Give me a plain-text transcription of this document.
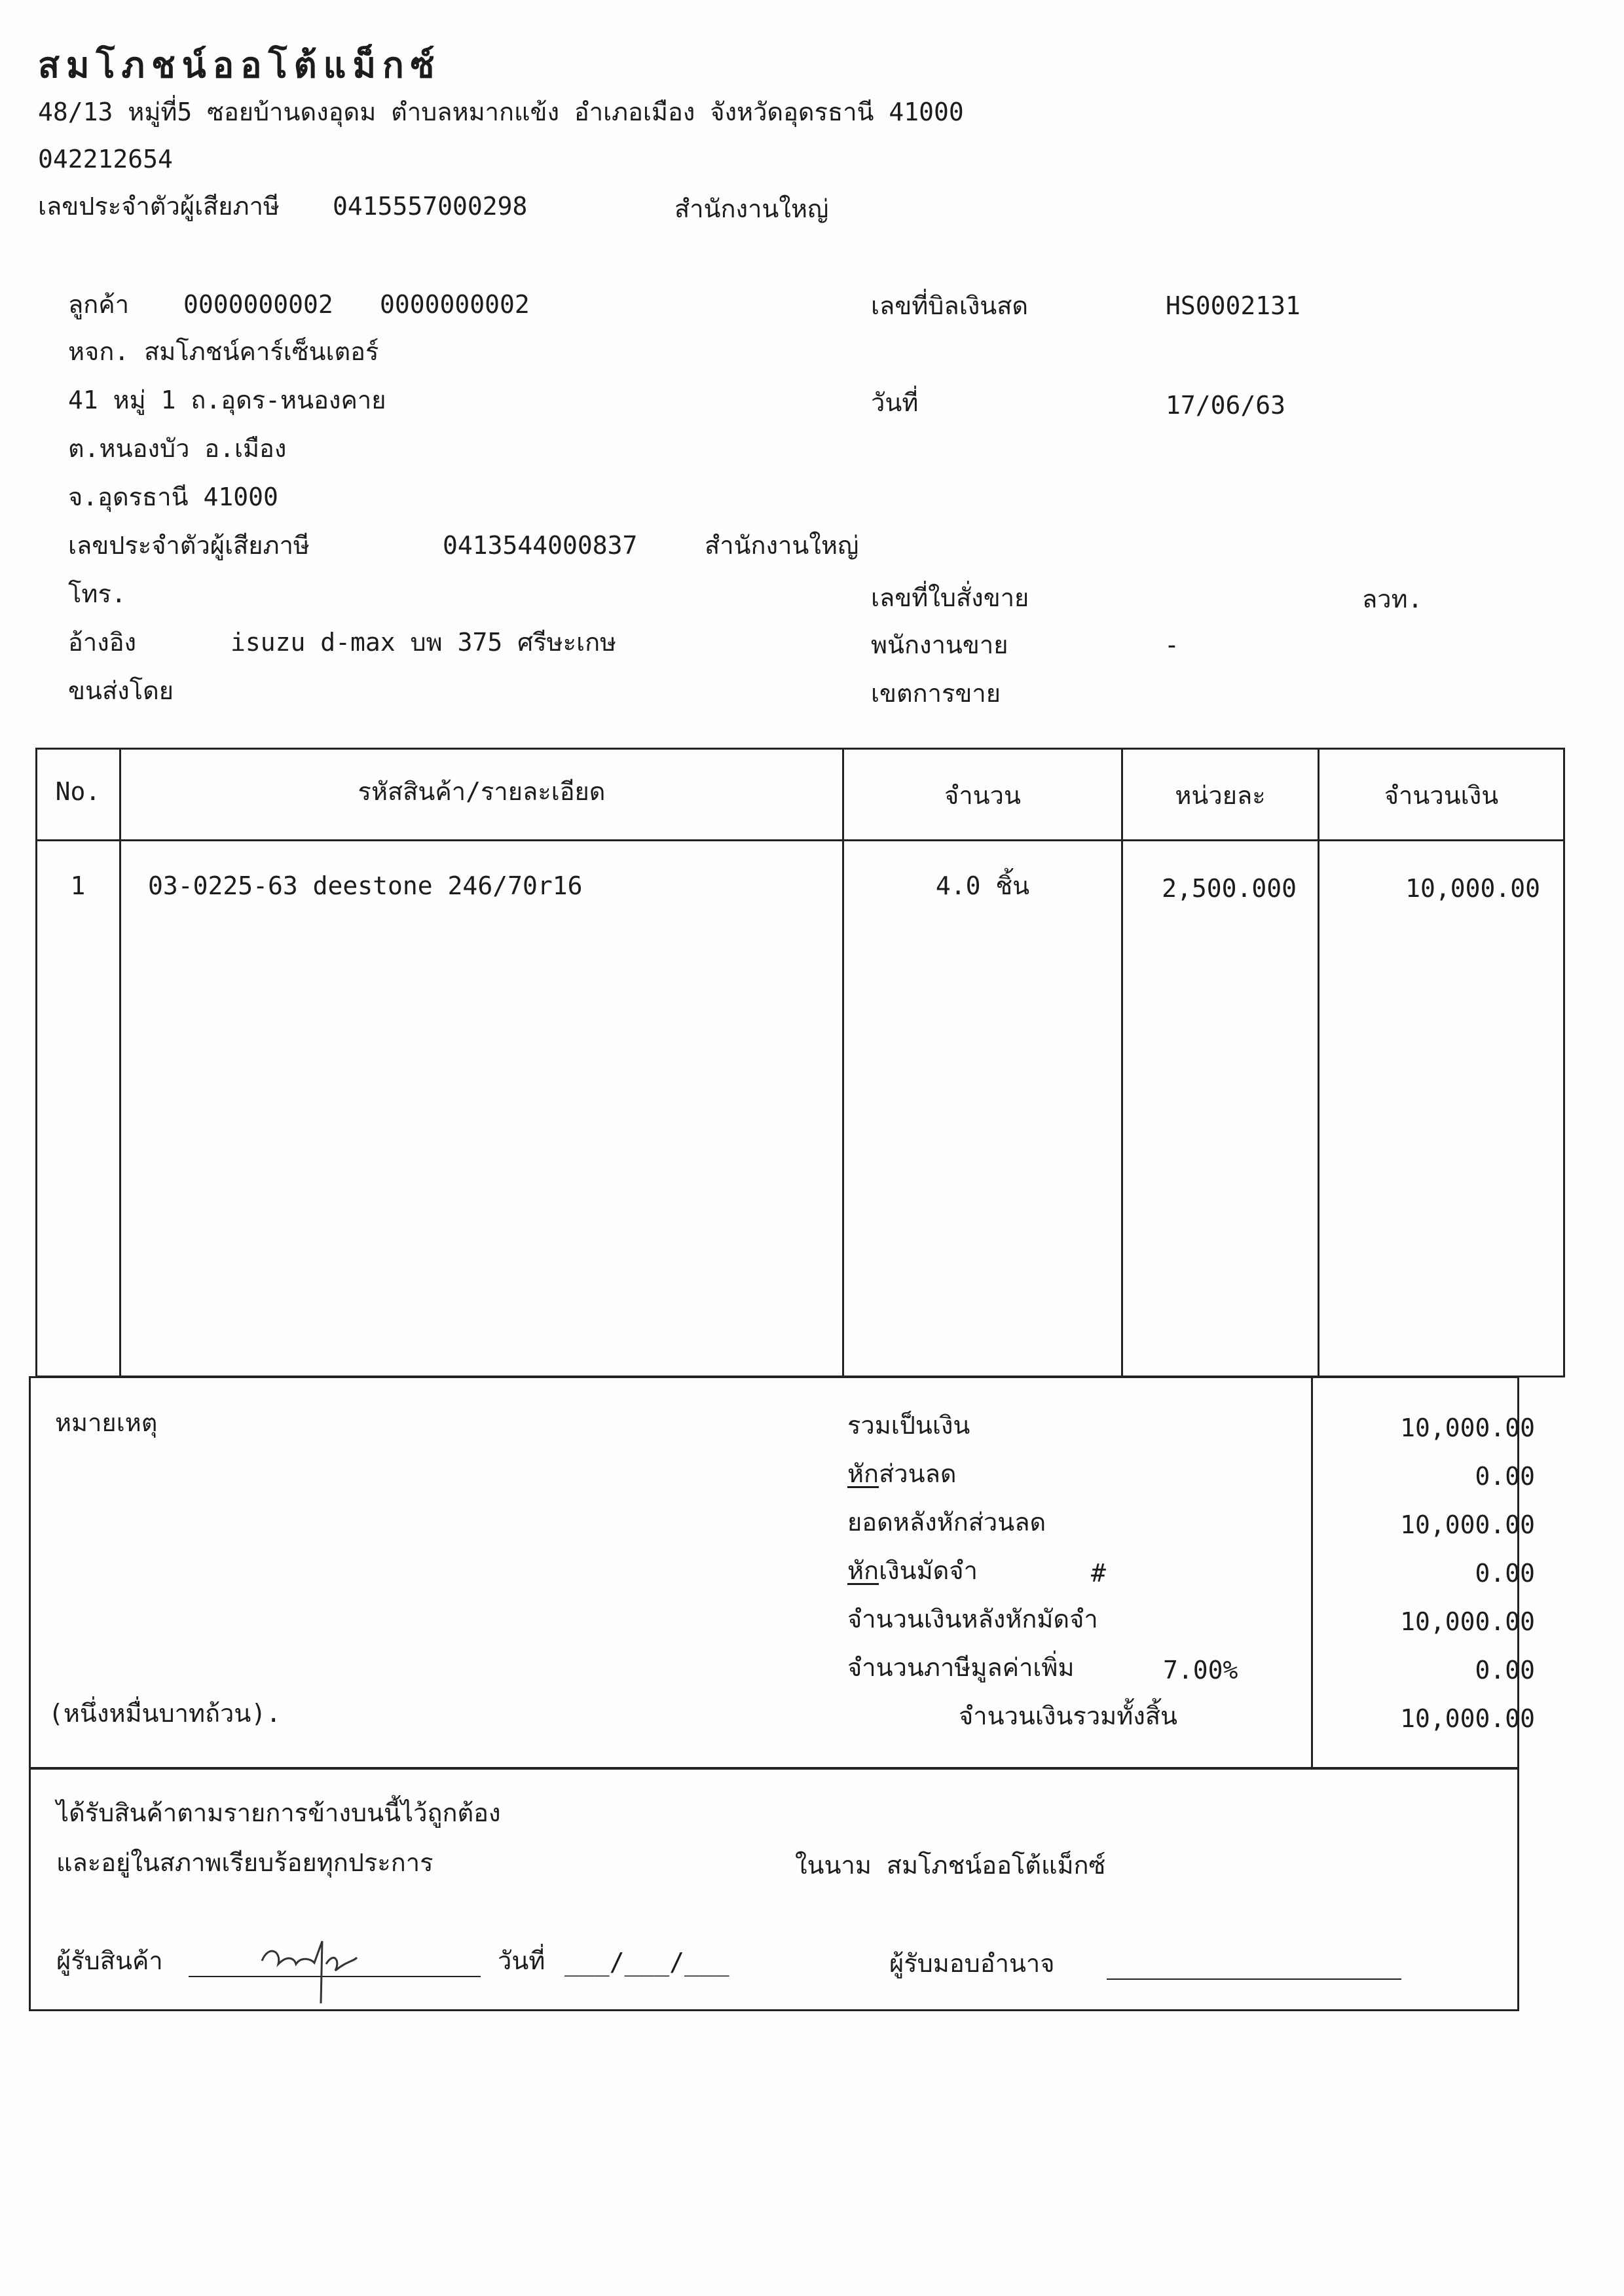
สมโภชน์ออโต้แม็กซ์
48/13 หมู่ที่5 ซอยบ้านดงอุดม ตำบลหมากแข้ง อำเภอเมือง จังหวัดอุดรธานี 41000
042212654
เลขประจำตัวผู้เสียภาษี 0415557000298	สำนักงานใหญ่
ลูกค้า 0000000002 0000000002
หจก. สมโภชน์คาร์เซ็นเตอร์
41 หมู่ 1 ถ.อุดร-หนองคาย
ต.หนองบัว อ.เมือง
จ.อุดรธานี 41000
เลขประจำตัวผู้เสียภาษี	0413544000837	สำนักงานใหญ่
โทร.
อ้างอิง	isuzu d-max บพ 375 ศรีษะเกษ
ขนส่งโดย
เลขที่บิลเงินสด	HS0002131
วันที่	17/06/63
เลขที่ใบสั่งขาย	ลวท.
พนักงานขาย	-
เขตการขาย
No.	รหัสสินค้า/รายละเอียด	จำนวน	หน่วยละ	จำนวนเงิน
1	03-0225-63 deestone 246/70r16	4.0 ชิ้น	2,500.000	10,000.00
หมายเหตุ
(หนึ่งหมื่นบาทถ้วน).
รวมเป็นเงิน	10,000.00
หักส่วนลด	0.00
ยอดหลังหักส่วนลด	10,000.00
หักเงินมัดจำ	#	0.00
จำนวนเงินหลังหักมัดจำ	10,000.00
จำนวนภาษีมูลค่าเพิ่ม	7.00%	0.00
จำนวนเงินรวมทั้งสิ้น	10,000.00
ได้รับสินค้าตามรายการข้างบนนี้ไว้ถูกต้อง
และอยู่ในสภาพเรียบร้อยทุกประการ	ในนาม สมโภชน์ออโต้แม็กซ์
ผู้รับสินค้า	วันที่ ___/___/___	ผู้รับมอบอำนาจ
